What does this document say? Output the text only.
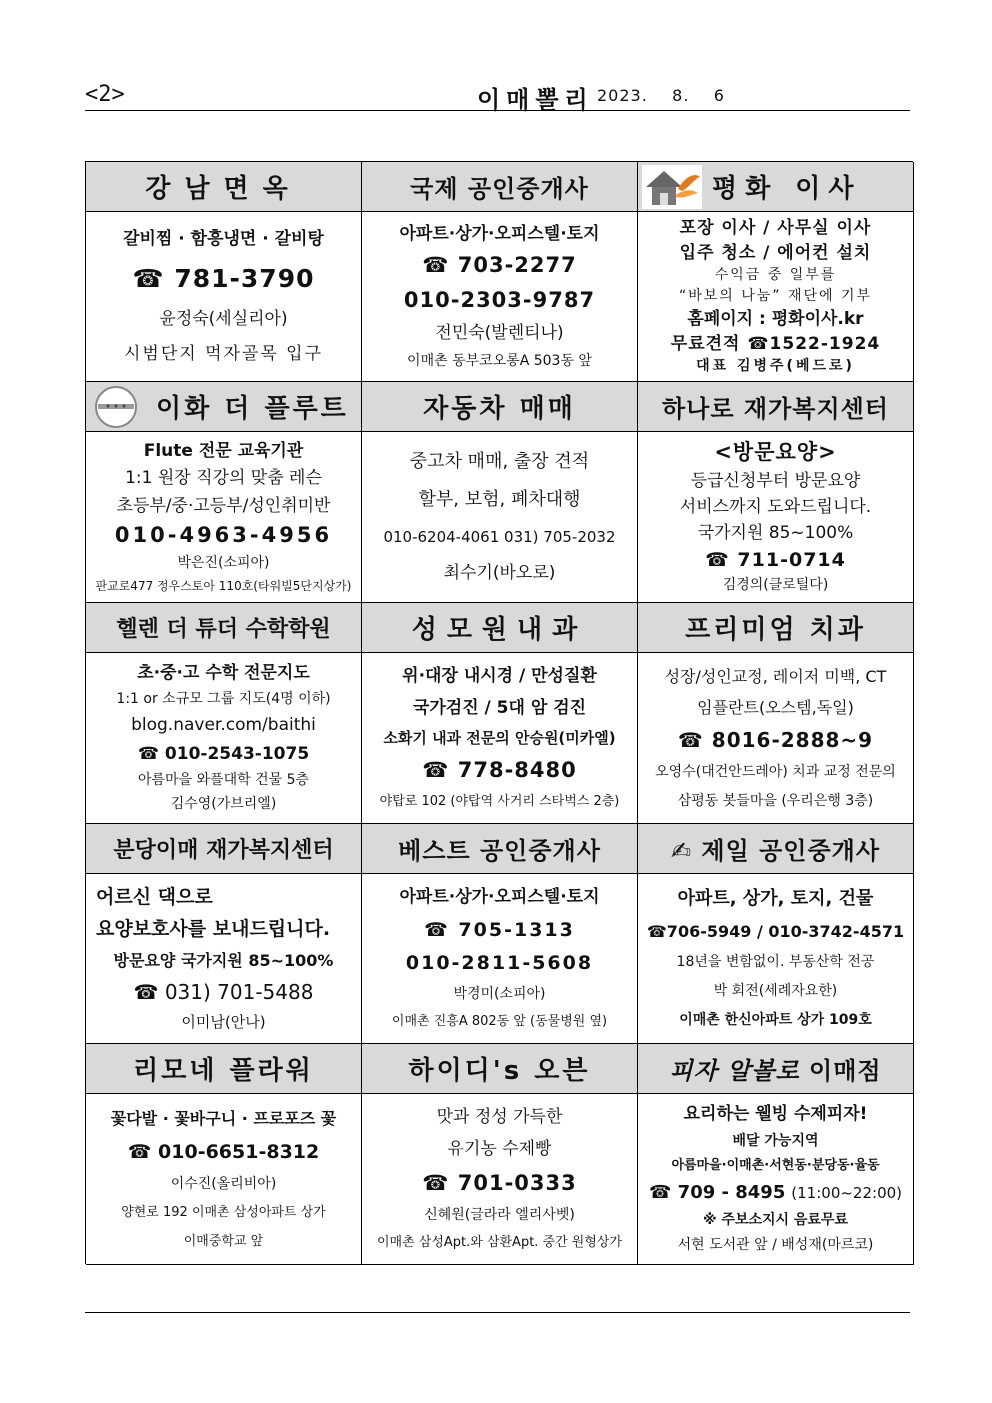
<2>	이매뽈리 2023.    8.    6
강남면옥
갈비찜 · 함흥냉면 · 갈비탕
☎ 781-3790
윤정숙(세실리아)
시범단지 먹자골목 입구
국제 공인중개사
아파트·상가·오피스텔·토지
☎ 703-2277
010-2303-9787
전민숙(발렌티나)
이매촌 동부코오롱A 503동 앞
평화 이사
포장 이사 / 사무실 이사
입주 청소 / 에어컨 설치
수익금 중 일부를
“바보의 나눔” 재단에 기부
홈페이지 : 평화이사.kr
무료견적 ☎1522-1924
대표 김병주(베드로)
이화 더 플루트
Flute 전문 교육기관
1:1 원장 직강의 맞춤 레슨
초등부/중·고등부/성인취미반
010-4963-4956
박은진(소피아)
판교로477 정우스토아 110호(타워빌5단지상가)
자동차 매매
중고차 매매, 출장 견적
할부, 보험, 폐차대행
010-6204-4061 031) 705-2032
최수기(바오로)
하나로 재가복지센터
<방문요양>
등급신청부터 방문요양
서비스까지 도와드립니다.
국가지원 85~100%
☎ 711-0714
김경의(클로틸다)
헬렌 더 튜더 수학학원
초·중·고 수학 전문지도
1:1 or 소규모 그룹 지도(4명 이하)
blog.naver.com/baithi
☎ 010-2543-1075
아름마을 와플대학 건물 5층
김수영(가브리엘)
성모원내과
위·대장 내시경 / 만성질환
국가검진 / 5대 암 검진
소화기 내과 전문의 안승원(미카엘)
☎ 778-8480
야탑로 102 (야탑역 사거리 스타벅스 2층)
프리미엄 치과
성장/성인교정, 레이저 미백, CT
임플란트(오스템,독일)
☎ 8016-2888~9
오영수(대건안드레아) 치과 교정 전문의
삼평동 봇들마을 (우리은행 3층)
분당이매 재가복지센터
어르신 댁으로
요양보호사를 보내드립니다.
방문요양 국가지원 85~100%
☎ 031) 701-5488
이미남(안나)
베스트 공인중개사
아파트·상가·오피스텔·토지
☎ 705-1313
010-2811-5608
박경미(소피아)
이매촌 진흥A 802동 앞 (동물병원 옆)
✍ 제일 공인중개사
아파트, 상가, 토지, 건물
☎706-5949 / 010-3742-4571
18년을 변함없이. 부동산학 전공
박 회전(세례자요한)
이매촌 한신아파트 상가 109호
리모네 플라워
꽃다발 · 꽃바구니 · 프로포즈 꽃
☎ 010-6651-8312
이수진(올리비아)
양현로 192 이매촌 삼성아파트 상가
이매중학교 앞
하이디's 오븐
맛과 정성 가득한
유기농 수제빵
☎ 701-0333
신혜원(글라라 엘리사벳)
이매촌 삼성Apt.와 삼환Apt. 중간 원형상가
피자 알볼로 이매점
요리하는 웰빙 수제피자!
배달 가능지역
아름마을·이매촌·서현동·분당동·율동
☎ 709 - 8495 (11:00~22:00)
※ 주보소지시 음료무료
서현 도서관 앞 / 배성재(마르코)
